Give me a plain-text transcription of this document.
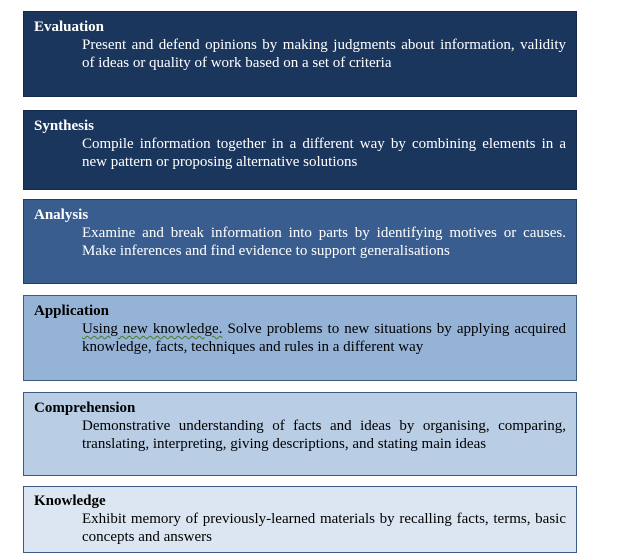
Evaluation
Present and defend opinions by making judgments about information, validity of ideas or quality of work based on a set of criteria
Synthesis
Compile information together in a different way by combining elements in a new pattern or proposing alternative solutions
Analysis
Examine and break information into parts by identifying motives or causes. Make inferences and find evidence to support generalisations
Application
Using new knowledge. Solve problems to new situations by applying acquired knowledge, facts, techniques and rules in a different way
Comprehension
Demonstrative understanding of facts and ideas by organising, comparing, translating, interpreting, giving descriptions, and stating main ideas
Knowledge
Exhibit memory of previously-learned materials by recalling facts, terms, basic concepts and answers
